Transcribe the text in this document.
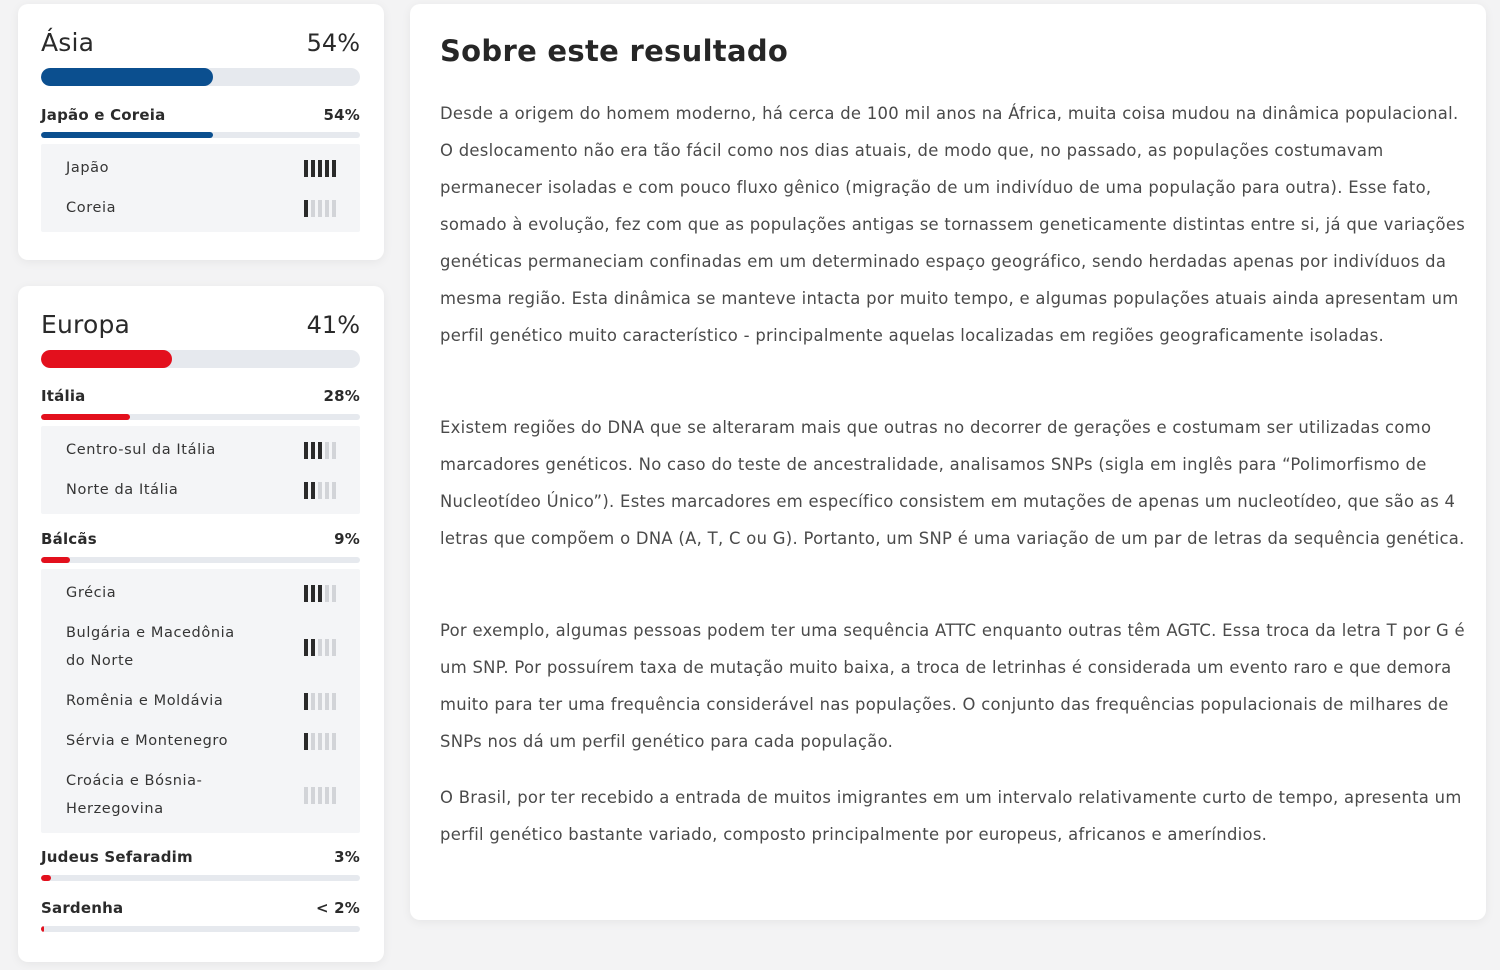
Ásia	54%
Japão e Coreia	54%
Japão
Coreia
Europa	41%
Itália	28%
Centro-sul da Itália
Norte da Itália
Bálcãs	9%
Grécia
Bulgária e Macedônia do Norte
Romênia e Moldávia
Sérvia e Montenegro
Croácia e Bósnia-Herzegovina
Judeus Sefaradim	3%
Sardenha	< 2%
Sobre este resultado

Desde a origem do homem moderno, há cerca de 100 mil anos na África, muita coisa mudou na dinâmica populacional. O deslocamento não era tão fácil como nos dias atuais, de modo que, no passado, as populações costumavam permanecer isoladas e com pouco fluxo gênico (migração de um indivíduo de uma população para outra). Esse fato, somado à evolução, fez com que as populações antigas se tornassem geneticamente distintas entre si, já que variações genéticas permaneciam confinadas em um determinado espaço geográfico, sendo herdadas apenas por indivíduos da mesma região. Esta dinâmica se manteve intacta por muito tempo, e algumas populações atuais ainda apresentam um perfil genético muito característico - principalmente aquelas localizadas em regiões geograficamente isoladas.

Existem regiões do DNA que se alteraram mais que outras no decorrer de gerações e costumam ser utilizadas como marcadores genéticos. No caso do teste de ancestralidade, analisamos SNPs (sigla em inglês para “Polimorfismo de Nucleotídeo Único”). Estes marcadores em específico consistem em mutações de apenas um nucleotídeo, que são as 4 letras que compõem o DNA (A, T, C ou G). Portanto, um SNP é uma variação de um par de letras da sequência genética.

Por exemplo, algumas pessoas podem ter uma sequência ATTC enquanto outras têm AGTC. Essa troca da letra T por G é um SNP. Por possuírem taxa de mutação muito baixa, a troca de letrinhas é considerada um evento raro e que demora muito para ter uma frequência considerável nas populações. O conjunto das frequências populacionais de milhares de SNPs nos dá um perfil genético para cada população.

O Brasil, por ter recebido a entrada de muitos imigrantes em um intervalo relativamente curto de tempo, apresenta um perfil genético bastante variado, composto principalmente por europeus, africanos e ameríndios.
